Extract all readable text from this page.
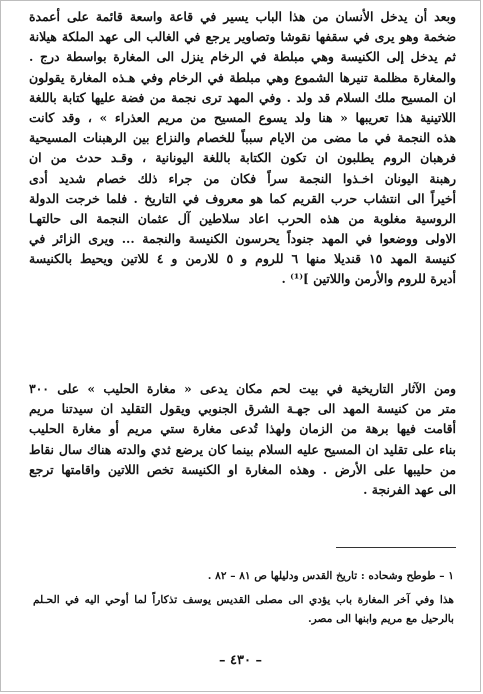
وبعد أن يدخل الأنسان من هذا الباب يسير في قاعة واسعة قائمة على أعمدة
ضخمة وهو يرى في سقفها نقوشا وتصاوير يرجع في الغالب الى عهد الملكة هيلانة
ثم يدخل إلى الكنيسة وهي مبلطة في الرخام ينزل الى المغارة بواسطة درج .
والمغارة مظلمة تنيرها الشموع وهي مبلطة في الرخام وفي هـذه المغارة يقولون
ان المسيح ملك السلام قد ولد . وفي المهد ترى نجمة من فضة عليها كتابة باللغة
اللاتينية هذا تعريبها « هنا ولد يسوع المسيح من مريم العذراء » ، وقد كانت
هذه النجمة في ما مضى من الايام سبباً للخصام والنزاع بين الرهبنات المسيحية
فرهبان الروم يطلبون ان تكون الكتابة باللغة اليونانية ، وقـد حدث من ان
رهبنة اليونان اخـذوا النجمة سراً فكان من جراء ذلك خصام شديد أدى
أخيراً الى انتشاب حرب القريم كما هو معروف في التاريخ . فلما خرجت الدولة
الروسية مغلوبة من هذه الحرب اعاد سلاطين آل عثمان النجمة الى حالتهـا
الاولى ووضعوا في المهد جنوداً يحرسون الكنيسة والنجمة ... ويرى الزائر في
كنيسة المهد ١٥ قنديلا منها ٦ للروم و ٥ للارمن و ٤ للاتين ويحيط بالكنيسة
أديرة للروم والأرمن واللاتين ]⁽¹⁾ .
ومن الآثار التاريخية في بيت لحم مكان يدعى « مغارة الحليب » على ٣٠٠
متر من كنيسة المهد الى جهـة الشرق الجنوبي ويقول التقليد ان سيدتنا مريم
أقامت فيها برهة من الزمان ولهذا تُدعى مغارة ستي مريم أو مغارة الحليب
بناء على تقليد ان المسيح عليه السلام بينما كان يرضع ثدي والدته هناك سال نقاط
من حليبها على الأرض . وهذه المغارة او الكنيسة تخص اللاتين واقامتها ترجع
الى عهد الفرنجة .
١ – طوطح وشحاده : تاريخ القدس ودليلها ص ٨١ – ٨٢ .
هذا وفي آخر المغارة باب يؤدي الى مصلى القديس يوسف تذكاراً لما أوحي اليه في الحـلم
بالرحيل مع مريم وابنها الى مصر.
– ٤٣٠ –
